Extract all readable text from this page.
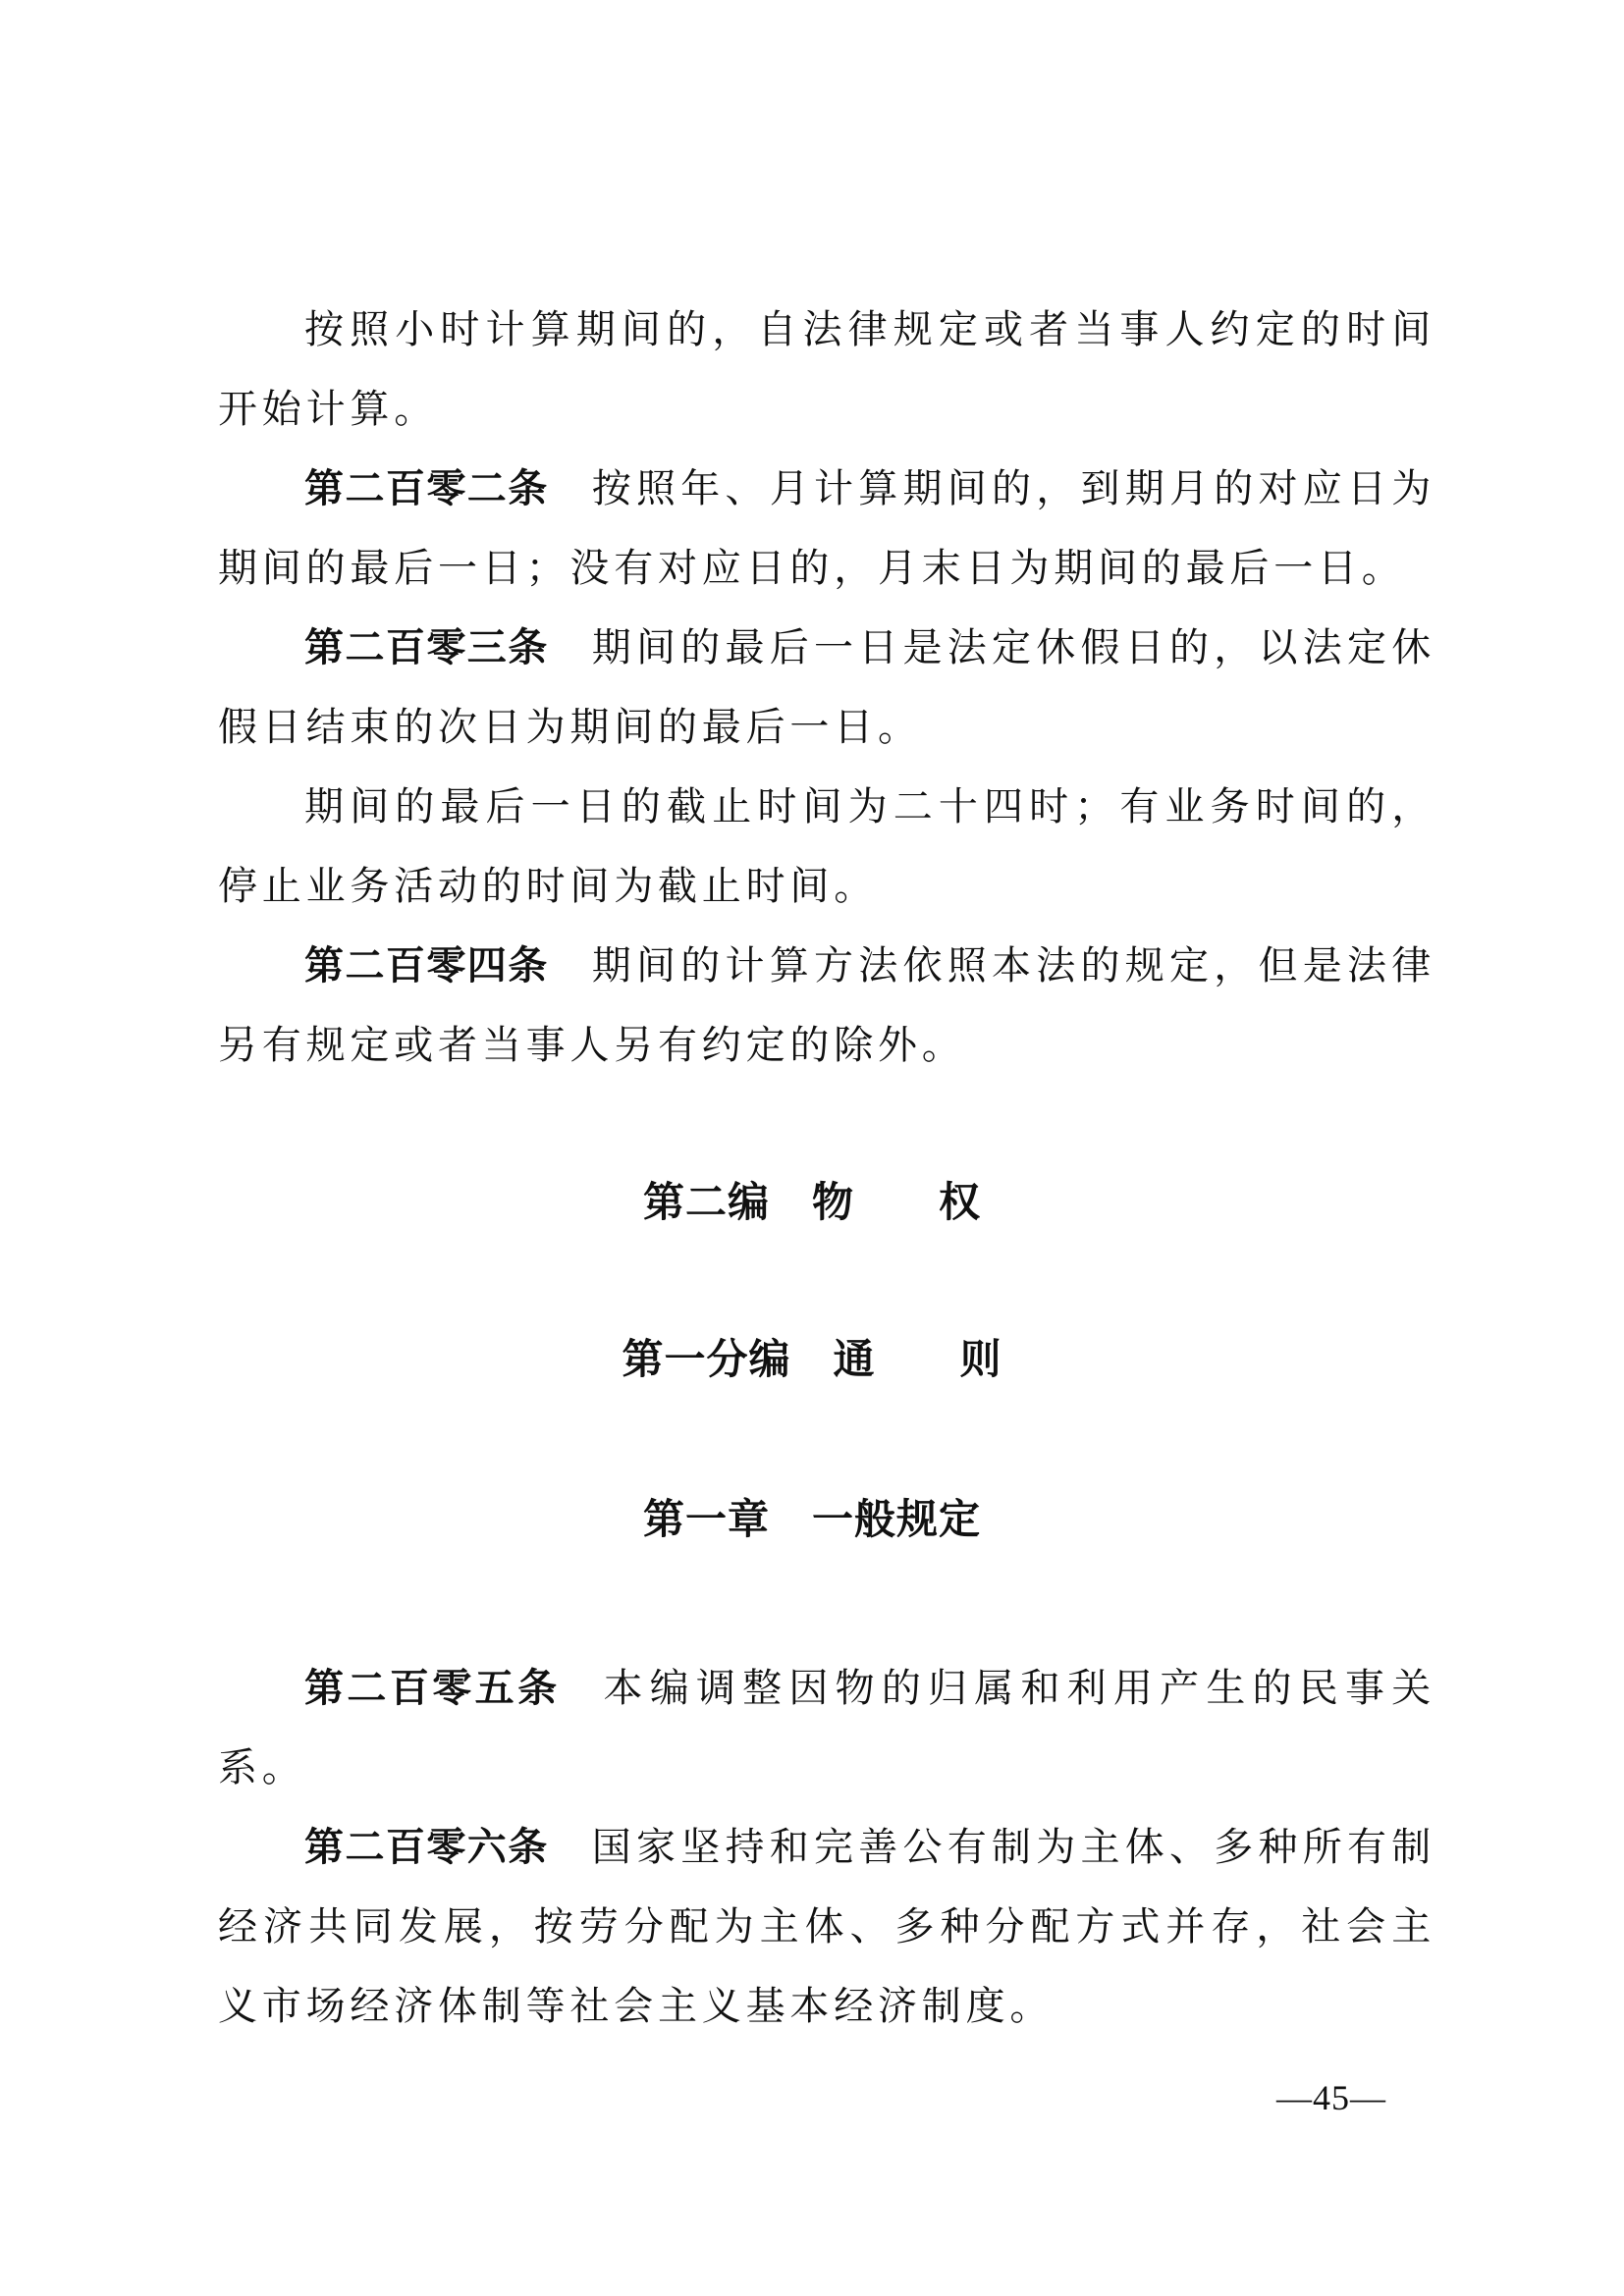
按照小时计算期间的，自法律规定或者当事人约定的时间开始计算。

第二百零二条 按照年、月计算期间的，到期月的对应日为期间的最后一日；没有对应日的，月末日为期间的最后一日。

第二百零三条 期间的最后一日是法定休假日的，以法定休假日结束的次日为期间的最后一日。

期间的最后一日的截止时间为二十四时；有业务时间的，停止业务活动的时间为截止时间。

第二百零四条 期间的计算方法依照本法的规定，但是法律另有规定或者当事人另有约定的除外。

第二编　物　　权
第一分编　通　　则
第一章　一般规定

第二百零五条 本编调整因物的归属和利用产生的民事关系。

第二百零六条 国家坚持和完善公有制为主体、多种所有制经济共同发展，按劳分配为主体、多种分配方式并存，社会主义市场经济体制等社会主义基本经济制度。

—45—
